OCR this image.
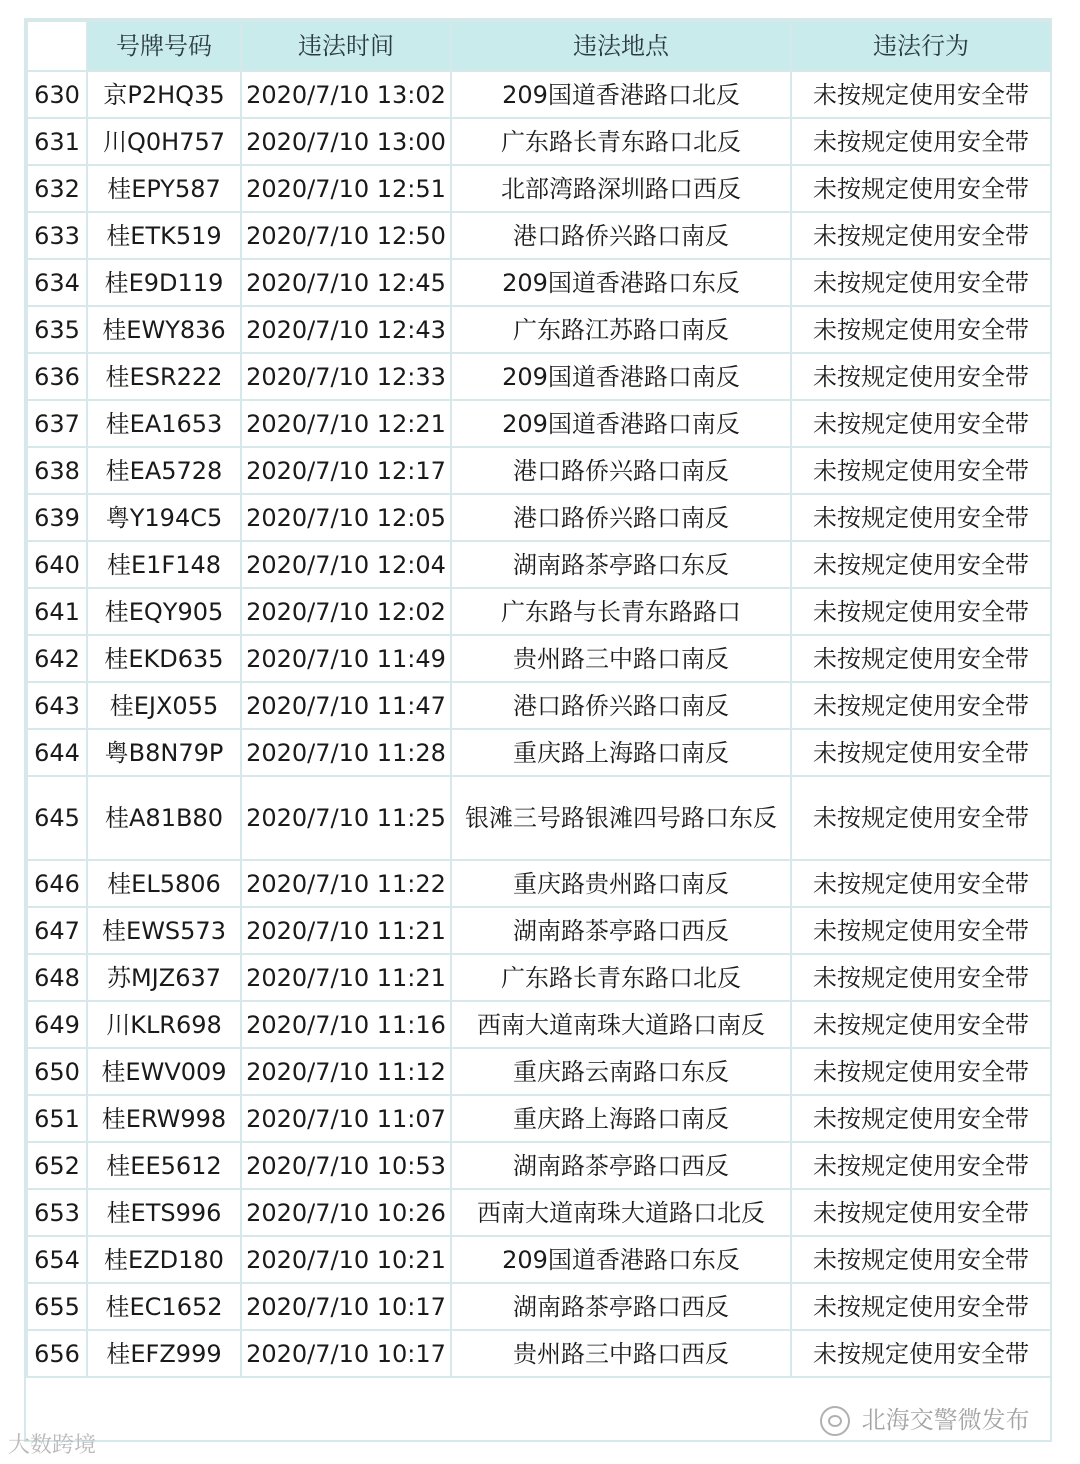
	号牌号码	违法时间	违法地点	违法行为
630	京P2HQ35	2020/7/10 13:02	209国道香港路口北反	未按规定使用安全带
631	川Q0H757	2020/7/10 13:00	广东路长青东路口北反	未按规定使用安全带
632	桂EPY587	2020/7/10 12:51	北部湾路深圳路口西反	未按规定使用安全带
633	桂ETK519	2020/7/10 12:50	港口路侨兴路口南反	未按规定使用安全带
634	桂E9D119	2020/7/10 12:45	209国道香港路口东反	未按规定使用安全带
635	桂EWY836	2020/7/10 12:43	广东路江苏路口南反	未按规定使用安全带
636	桂ESR222	2020/7/10 12:33	209国道香港路口南反	未按规定使用安全带
637	桂EA1653	2020/7/10 12:21	209国道香港路口南反	未按规定使用安全带
638	桂EA5728	2020/7/10 12:17	港口路侨兴路口南反	未按规定使用安全带
639	粤Y194C5	2020/7/10 12:05	港口路侨兴路口南反	未按规定使用安全带
640	桂E1F148	2020/7/10 12:04	湖南路茶亭路口东反	未按规定使用安全带
641	桂EQY905	2020/7/10 12:02	广东路与长青东路路口	未按规定使用安全带
642	桂EKD635	2020/7/10 11:49	贵州路三中路口南反	未按规定使用安全带
643	桂EJX055	2020/7/10 11:47	港口路侨兴路口南反	未按规定使用安全带
644	粤B8N79P	2020/7/10 11:28	重庆路上海路口南反	未按规定使用安全带
645	桂A81B80	2020/7/10 11:25	银滩三号路银滩四号路口东反	未按规定使用安全带
646	桂EL5806	2020/7/10 11:22	重庆路贵州路口南反	未按规定使用安全带
647	桂EWS573	2020/7/10 11:21	湖南路茶亭路口西反	未按规定使用安全带
648	苏MJZ637	2020/7/10 11:21	广东路长青东路口北反	未按规定使用安全带
649	川KLR698	2020/7/10 11:16	西南大道南珠大道路口南反	未按规定使用安全带
650	桂EWV009	2020/7/10 11:12	重庆路云南路口东反	未按规定使用安全带
651	桂ERW998	2020/7/10 11:07	重庆路上海路口南反	未按规定使用安全带
652	桂EE5612	2020/7/10 10:53	湖南路茶亭路口西反	未按规定使用安全带
653	桂ETS996	2020/7/10 10:26	西南大道南珠大道路口北反	未按规定使用安全带
654	桂EZD180	2020/7/10 10:21	209国道香港路口东反	未按规定使用安全带
655	桂EC1652	2020/7/10 10:17	湖南路茶亭路口西反	未按规定使用安全带
656	桂EFZ999	2020/7/10 10:17	贵州路三中路口西反	未按规定使用安全带
大数跨境
北海交警微发布
